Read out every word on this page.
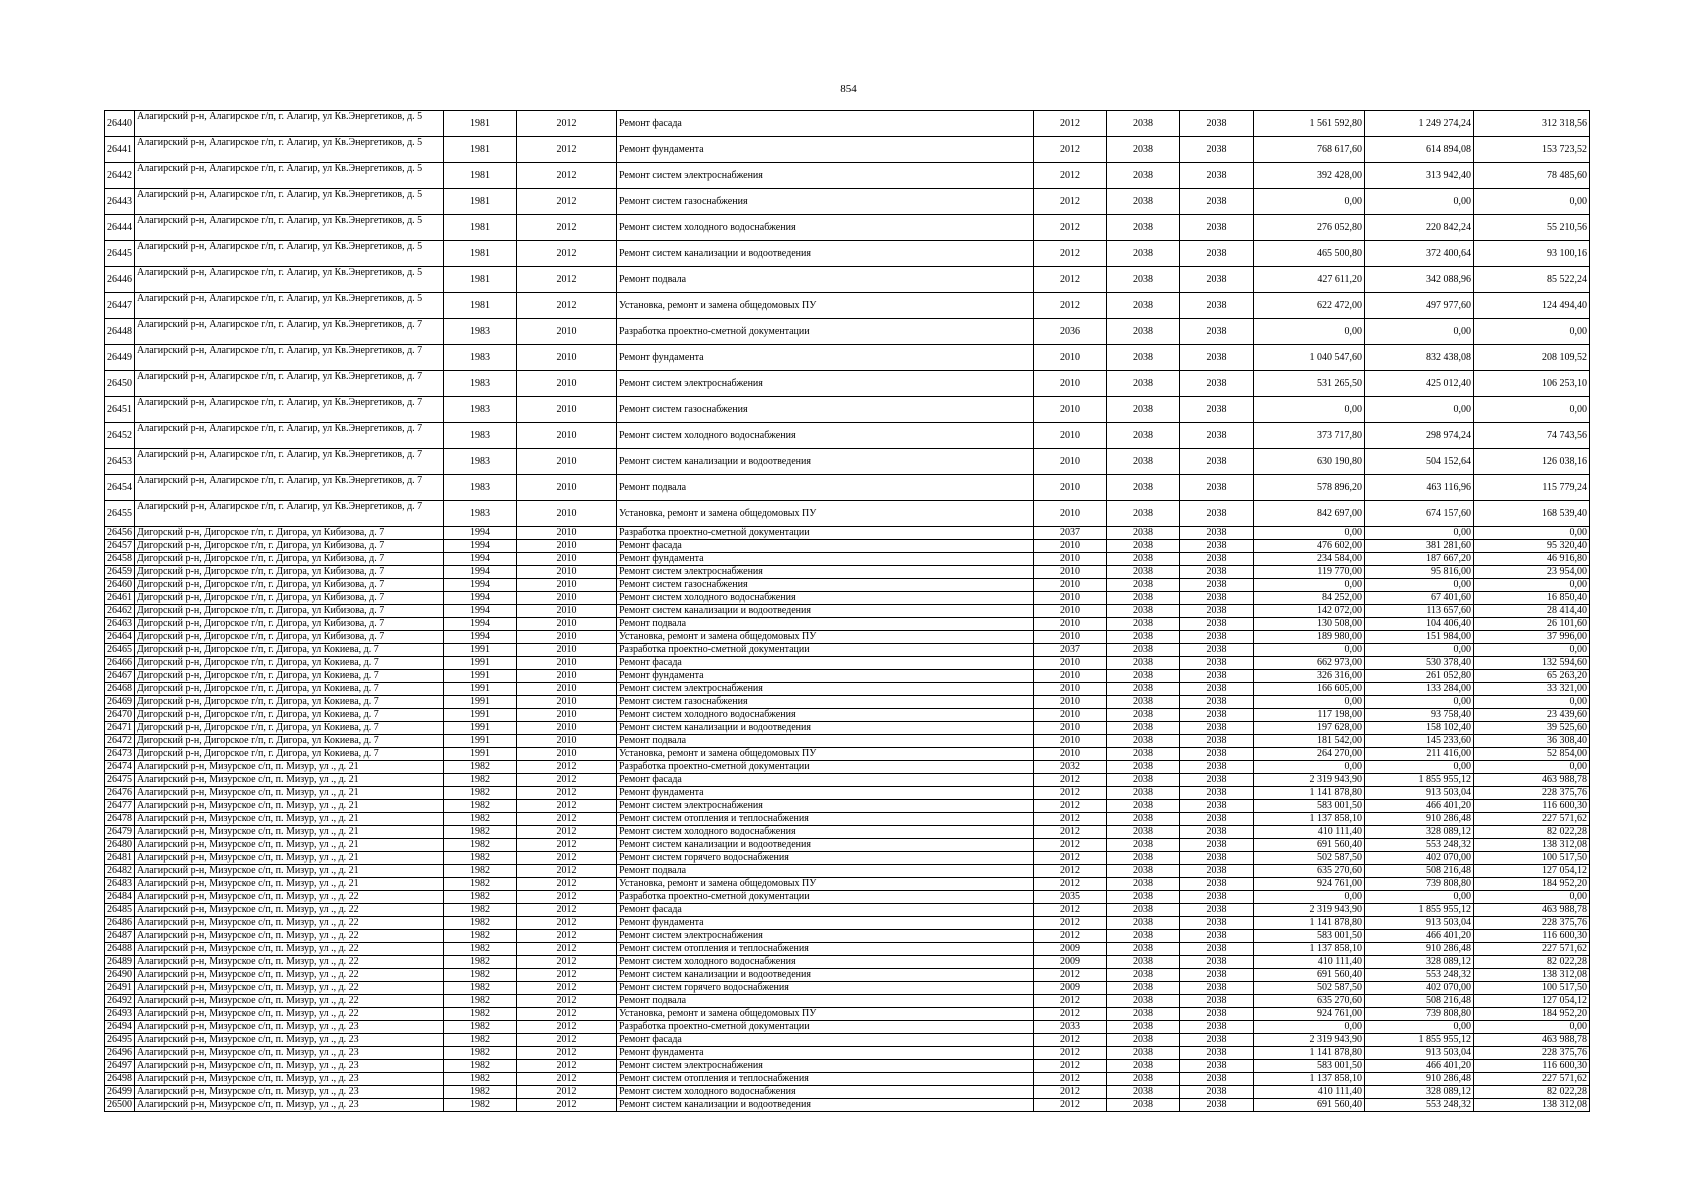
854
26440	Алагирский р-н, Алагирское г/п, г. Алагир, ул Кв.Энергетиков, д. 5	1981	2012	Ремонт фасада	2012	2038	2038	1 561 592,80	1 249 274,24	312 318,56
26441	Алагирский р-н, Алагирское г/п, г. Алагир, ул Кв.Энергетиков, д. 5	1981	2012	Ремонт фундамента	2012	2038	2038	768 617,60	614 894,08	153 723,52
26442	Алагирский р-н, Алагирское г/п, г. Алагир, ул Кв.Энергетиков, д. 5	1981	2012	Ремонт систем электроснабжения	2012	2038	2038	392 428,00	313 942,40	78 485,60
26443	Алагирский р-н, Алагирское г/п, г. Алагир, ул Кв.Энергетиков, д. 5	1981	2012	Ремонт систем газоснабжения	2012	2038	2038	0,00	0,00	0,00
26444	Алагирский р-н, Алагирское г/п, г. Алагир, ул Кв.Энергетиков, д. 5	1981	2012	Ремонт систем холодного водоснабжения	2012	2038	2038	276 052,80	220 842,24	55 210,56
26445	Алагирский р-н, Алагирское г/п, г. Алагир, ул Кв.Энергетиков, д. 5	1981	2012	Ремонт систем канализации и водоотведения	2012	2038	2038	465 500,80	372 400,64	93 100,16
26446	Алагирский р-н, Алагирское г/п, г. Алагир, ул Кв.Энергетиков, д. 5	1981	2012	Ремонт подвала	2012	2038	2038	427 611,20	342 088,96	85 522,24
26447	Алагирский р-н, Алагирское г/п, г. Алагир, ул Кв.Энергетиков, д. 5	1981	2012	Установка, ремонт и замена общедомовых ПУ	2012	2038	2038	622 472,00	497 977,60	124 494,40
26448	Алагирский р-н, Алагирское г/п, г. Алагир, ул Кв.Энергетиков, д. 7	1983	2010	Разработка проектно-сметной документации	2036	2038	2038	0,00	0,00	0,00
26449	Алагирский р-н, Алагирское г/п, г. Алагир, ул Кв.Энергетиков, д. 7	1983	2010	Ремонт фундамента	2010	2038	2038	1 040 547,60	832 438,08	208 109,52
26450	Алагирский р-н, Алагирское г/п, г. Алагир, ул Кв.Энергетиков, д. 7	1983	2010	Ремонт систем электроснабжения	2010	2038	2038	531 265,50	425 012,40	106 253,10
26451	Алагирский р-н, Алагирское г/п, г. Алагир, ул Кв.Энергетиков, д. 7	1983	2010	Ремонт систем газоснабжения	2010	2038	2038	0,00	0,00	0,00
26452	Алагирский р-н, Алагирское г/п, г. Алагир, ул Кв.Энергетиков, д. 7	1983	2010	Ремонт систем холодного водоснабжения	2010	2038	2038	373 717,80	298 974,24	74 743,56
26453	Алагирский р-н, Алагирское г/п, г. Алагир, ул Кв.Энергетиков, д. 7	1983	2010	Ремонт систем канализации и водоотведения	2010	2038	2038	630 190,80	504 152,64	126 038,16
26454	Алагирский р-н, Алагирское г/п, г. Алагир, ул Кв.Энергетиков, д. 7	1983	2010	Ремонт подвала	2010	2038	2038	578 896,20	463 116,96	115 779,24
26455	Алагирский р-н, Алагирское г/п, г. Алагир, ул Кв.Энергетиков, д. 7	1983	2010	Установка, ремонт и замена общедомовых ПУ	2010	2038	2038	842 697,00	674 157,60	168 539,40
26456	Дигорский р-н, Дигорское г/п, г. Дигора, ул Кибизова, д. 7	1994	2010	Разработка проектно-сметной документации	2037	2038	2038	0,00	0,00	0,00
26457	Дигорский р-н, Дигорское г/п, г. Дигора, ул Кибизова, д. 7	1994	2010	Ремонт фасада	2010	2038	2038	476 602,00	381 281,60	95 320,40
26458	Дигорский р-н, Дигорское г/п, г. Дигора, ул Кибизова, д. 7	1994	2010	Ремонт фундамента	2010	2038	2038	234 584,00	187 667,20	46 916,80
26459	Дигорский р-н, Дигорское г/п, г. Дигора, ул Кибизова, д. 7	1994	2010	Ремонт систем электроснабжения	2010	2038	2038	119 770,00	95 816,00	23 954,00
26460	Дигорский р-н, Дигорское г/п, г. Дигора, ул Кибизова, д. 7	1994	2010	Ремонт систем газоснабжения	2010	2038	2038	0,00	0,00	0,00
26461	Дигорский р-н, Дигорское г/п, г. Дигора, ул Кибизова, д. 7	1994	2010	Ремонт систем холодного водоснабжения	2010	2038	2038	84 252,00	67 401,60	16 850,40
26462	Дигорский р-н, Дигорское г/п, г. Дигора, ул Кибизова, д. 7	1994	2010	Ремонт систем канализации и водоотведения	2010	2038	2038	142 072,00	113 657,60	28 414,40
26463	Дигорский р-н, Дигорское г/п, г. Дигора, ул Кибизова, д. 7	1994	2010	Ремонт подвала	2010	2038	2038	130 508,00	104 406,40	26 101,60
26464	Дигорский р-н, Дигорское г/п, г. Дигора, ул Кибизова, д. 7	1994	2010	Установка, ремонт и замена общедомовых ПУ	2010	2038	2038	189 980,00	151 984,00	37 996,00
26465	Дигорский р-н, Дигорское г/п, г. Дигора, ул Кокиева, д. 7	1991	2010	Разработка проектно-сметной документации	2037	2038	2038	0,00	0,00	0,00
26466	Дигорский р-н, Дигорское г/п, г. Дигора, ул Кокиева, д. 7	1991	2010	Ремонт фасада	2010	2038	2038	662 973,00	530 378,40	132 594,60
26467	Дигорский р-н, Дигорское г/п, г. Дигора, ул Кокиева, д. 7	1991	2010	Ремонт фундамента	2010	2038	2038	326 316,00	261 052,80	65 263,20
26468	Дигорский р-н, Дигорское г/п, г. Дигора, ул Кокиева, д. 7	1991	2010	Ремонт систем электроснабжения	2010	2038	2038	166 605,00	133 284,00	33 321,00
26469	Дигорский р-н, Дигорское г/п, г. Дигора, ул Кокиева, д. 7	1991	2010	Ремонт систем газоснабжения	2010	2038	2038	0,00	0,00	0,00
26470	Дигорский р-н, Дигорское г/п, г. Дигора, ул Кокиева, д. 7	1991	2010	Ремонт систем холодного водоснабжения	2010	2038	2038	117 198,00	93 758,40	23 439,60
26471	Дигорский р-н, Дигорское г/п, г. Дигора, ул Кокиева, д. 7	1991	2010	Ремонт систем канализации и водоотведения	2010	2038	2038	197 628,00	158 102,40	39 525,60
26472	Дигорский р-н, Дигорское г/п, г. Дигора, ул Кокиева, д. 7	1991	2010	Ремонт подвала	2010	2038	2038	181 542,00	145 233,60	36 308,40
26473	Дигорский р-н, Дигорское г/п, г. Дигора, ул Кокиева, д. 7	1991	2010	Установка, ремонт и замена общедомовых ПУ	2010	2038	2038	264 270,00	211 416,00	52 854,00
26474	Алагирский р-н, Мизурское с/п, п. Мизур, ул ., д. 21	1982	2012	Разработка проектно-сметной документации	2032	2038	2038	0,00	0,00	0,00
26475	Алагирский р-н, Мизурское с/п, п. Мизур, ул ., д. 21	1982	2012	Ремонт фасада	2012	2038	2038	2 319 943,90	1 855 955,12	463 988,78
26476	Алагирский р-н, Мизурское с/п, п. Мизур, ул ., д. 21	1982	2012	Ремонт фундамента	2012	2038	2038	1 141 878,80	913 503,04	228 375,76
26477	Алагирский р-н, Мизурское с/п, п. Мизур, ул ., д. 21	1982	2012	Ремонт систем электроснабжения	2012	2038	2038	583 001,50	466 401,20	116 600,30
26478	Алагирский р-н, Мизурское с/п, п. Мизур, ул ., д. 21	1982	2012	Ремонт систем отопления и теплоснабжения	2012	2038	2038	1 137 858,10	910 286,48	227 571,62
26479	Алагирский р-н, Мизурское с/п, п. Мизур, ул ., д. 21	1982	2012	Ремонт систем холодного водоснабжения	2012	2038	2038	410 111,40	328 089,12	82 022,28
26480	Алагирский р-н, Мизурское с/п, п. Мизур, ул ., д. 21	1982	2012	Ремонт систем канализации и водоотведения	2012	2038	2038	691 560,40	553 248,32	138 312,08
26481	Алагирский р-н, Мизурское с/п, п. Мизур, ул ., д. 21	1982	2012	Ремонт систем горячего водоснабжения	2012	2038	2038	502 587,50	402 070,00	100 517,50
26482	Алагирский р-н, Мизурское с/п, п. Мизур, ул ., д. 21	1982	2012	Ремонт подвала	2012	2038	2038	635 270,60	508 216,48	127 054,12
26483	Алагирский р-н, Мизурское с/п, п. Мизур, ул ., д. 21	1982	2012	Установка, ремонт и замена общедомовых ПУ	2012	2038	2038	924 761,00	739 808,80	184 952,20
26484	Алагирский р-н, Мизурское с/п, п. Мизур, ул ., д. 22	1982	2012	Разработка проектно-сметной документации	2035	2038	2038	0,00	0,00	0,00
26485	Алагирский р-н, Мизурское с/п, п. Мизур, ул ., д. 22	1982	2012	Ремонт фасада	2012	2038	2038	2 319 943,90	1 855 955,12	463 988,78
26486	Алагирский р-н, Мизурское с/п, п. Мизур, ул ., д. 22	1982	2012	Ремонт фундамента	2012	2038	2038	1 141 878,80	913 503,04	228 375,76
26487	Алагирский р-н, Мизурское с/п, п. Мизур, ул ., д. 22	1982	2012	Ремонт систем электроснабжения	2012	2038	2038	583 001,50	466 401,20	116 600,30
26488	Алагирский р-н, Мизурское с/п, п. Мизур, ул ., д. 22	1982	2012	Ремонт систем отопления и теплоснабжения	2009	2038	2038	1 137 858,10	910 286,48	227 571,62
26489	Алагирский р-н, Мизурское с/п, п. Мизур, ул ., д. 22	1982	2012	Ремонт систем холодного водоснабжения	2009	2038	2038	410 111,40	328 089,12	82 022,28
26490	Алагирский р-н, Мизурское с/п, п. Мизур, ул ., д. 22	1982	2012	Ремонт систем канализации и водоотведения	2012	2038	2038	691 560,40	553 248,32	138 312,08
26491	Алагирский р-н, Мизурское с/п, п. Мизур, ул ., д. 22	1982	2012	Ремонт систем горячего водоснабжения	2009	2038	2038	502 587,50	402 070,00	100 517,50
26492	Алагирский р-н, Мизурское с/п, п. Мизур, ул ., д. 22	1982	2012	Ремонт подвала	2012	2038	2038	635 270,60	508 216,48	127 054,12
26493	Алагирский р-н, Мизурское с/п, п. Мизур, ул ., д. 22	1982	2012	Установка, ремонт и замена общедомовых ПУ	2012	2038	2038	924 761,00	739 808,80	184 952,20
26494	Алагирский р-н, Мизурское с/п, п. Мизур, ул ., д. 23	1982	2012	Разработка проектно-сметной документации	2033	2038	2038	0,00	0,00	0,00
26495	Алагирский р-н, Мизурское с/п, п. Мизур, ул ., д. 23	1982	2012	Ремонт фасада	2012	2038	2038	2 319 943,90	1 855 955,12	463 988,78
26496	Алагирский р-н, Мизурское с/п, п. Мизур, ул ., д. 23	1982	2012	Ремонт фундамента	2012	2038	2038	1 141 878,80	913 503,04	228 375,76
26497	Алагирский р-н, Мизурское с/п, п. Мизур, ул ., д. 23	1982	2012	Ремонт систем электроснабжения	2012	2038	2038	583 001,50	466 401,20	116 600,30
26498	Алагирский р-н, Мизурское с/п, п. Мизур, ул ., д. 23	1982	2012	Ремонт систем отопления и теплоснабжения	2012	2038	2038	1 137 858,10	910 286,48	227 571,62
26499	Алагирский р-н, Мизурское с/п, п. Мизур, ул ., д. 23	1982	2012	Ремонт систем холодного водоснабжения	2012	2038	2038	410 111,40	328 089,12	82 022,28
26500	Алагирский р-н, Мизурское с/п, п. Мизур, ул ., д. 23	1982	2012	Ремонт систем канализации и водоотведения	2012	2038	2038	691 560,40	553 248,32	138 312,08
